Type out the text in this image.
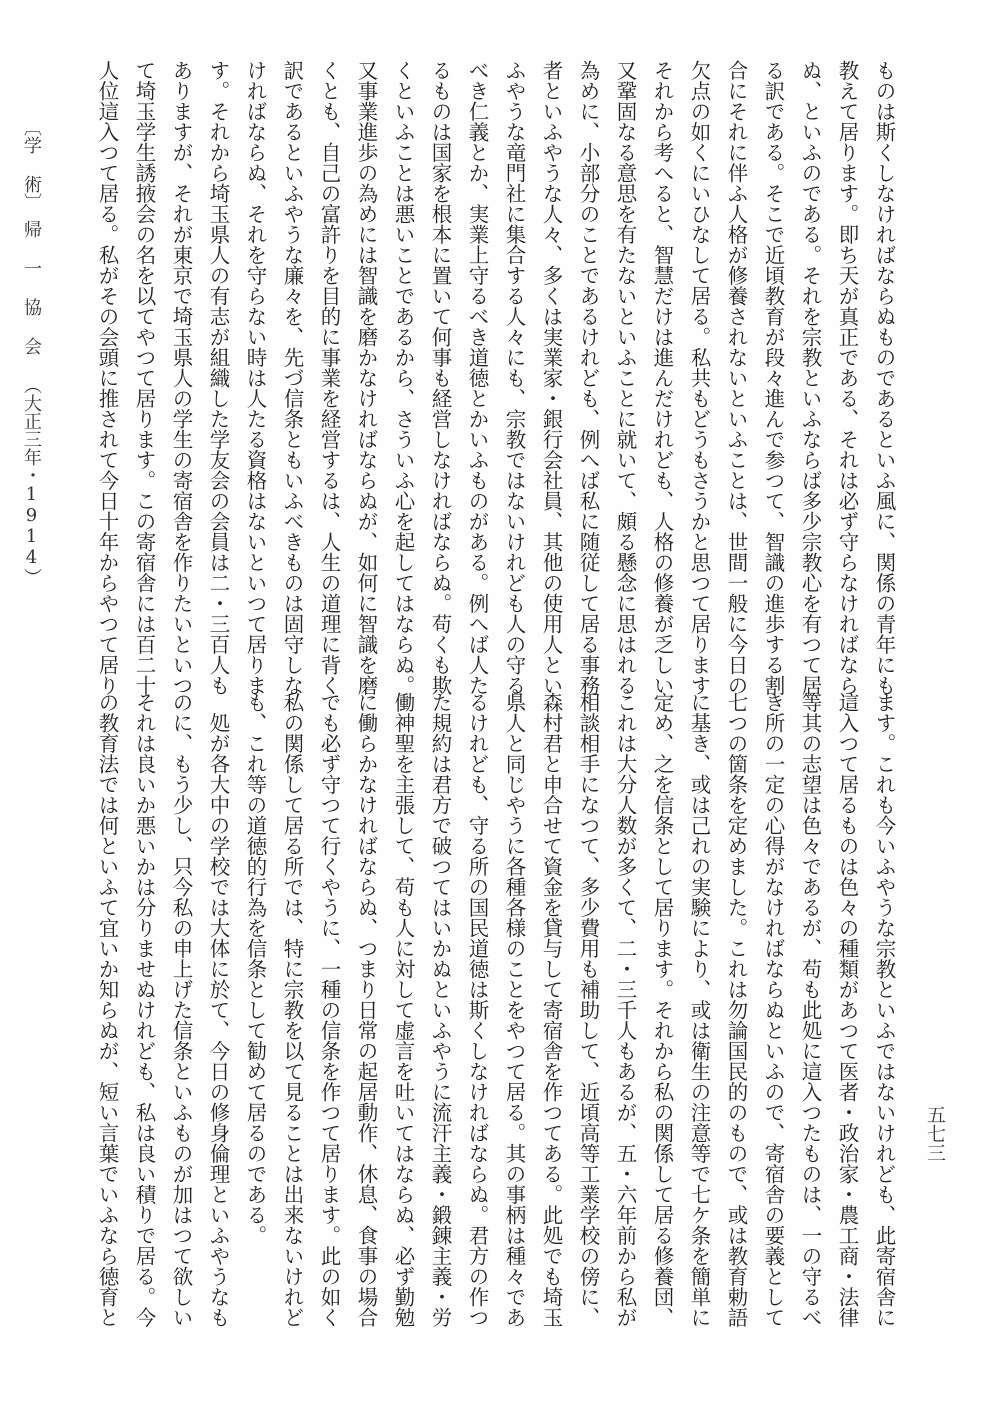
〔学 術〕　帰 一 協 会 （大正三年・1914）
五七三

ものは斯くしなければならぬものであるといふ風に、関係の青年にも

教えて居ります。即ち天が真正である、それは必ず守らなければなら

ぬ、といふのである。それを宗教といふならば多少宗教心を有つて居

る訳である。そこで近頃教育が段々進んで参つて、智識の進歩する割

合にそれに伴ふ人格が修養されないといふことは、世間一般に今日の

欠点の如くにいひなして居る。私共もどうもさうかと思つて居ります

それから考へると、智慧だけは進んだけれども、人格の修養が乏しい

又鞏固なる意思を有たないといふことに就いて、頗る懸念に思はれる

為めに、小部分のことであるけれども、例へば私に随従して居る事務

者といふやうな人々、多くは実業家・銀行会社員、其他の使用人とい

ふやうな竜門社に集合する人々にも、宗教ではないけれども人の守る

べき仁義とか、実業上守るべき道徳とかいふものがある。例へば人た

るものは国家を根本に置いて何事も経営しなければならぬ。苟くも欺

くといふことは悪いことであるから、さういふ心を起してはならぬ。

又事業進歩の為めには智識を磨かなければならぬが、如何に智識を磨

くとも、自己の富許りを目的に事業を経営するは、人生の道理に背く

訳であるといふやうな廉々を、先づ信条ともいふべきものは固守しな

ければならぬ、それを守らない時は人たる資格はないといつて居りま

す。それから埼玉県人の有志が組織した学友会の会員は二・三百人も

ありますが、それが東京で埼玉県人の学生の寄宿舎を作りたいといつ

て埼玉学生誘掖会の名を以てやつて居ります。この寄宿舎には百二十

人位這入つて居る。私がその会頭に推されて今日十年からやつて居り

ます。これも今いふやうな宗教といふではないけれども、此寄宿舎に

這入つて居るものは色々の種類があつて医者・政治家・農工商・法律

等其の志望は色々であるが、苟も此処に這入つたものは、一の守るべ

き所の一定の心得がなければならぬといふので、寄宿舎の要義として

七つの箇条を定めました。これは勿論国民的のもので、或は教育勅語

に基き、或は己れの実験により、或は衛生の注意等で七ケ条を簡単に

定め、之を信条として居ります。それから私の関係して居る修養団、

これは大分人数が多くて、二・三千人もあるが、五・六年前から私が

相談相手になつて、多少費用も補助して、近頃高等工業学校の傍に、

森村君と申合せて資金を貸与して寄宿舎を作つてある。此処でも埼玉

県人と同じやうに各種各様のことをやつて居る。其の事柄は種々であ

るけれども、守る所の国民道徳は斯くしなければならぬ。君方の作つ

た規約は君方で破つてはいかぬといふやうに流汗主義・鍛錬主義・労

働神聖を主張して、苟も人に対して虚言を吐いてはならぬ、必ず勤勉

に働らかなければならぬ、つまり日常の起居動作、休息、食事の場合

でも必ず守つて行くやうに、一種の信条を作つて居ります。此の如く

私の関係して居る所では、特に宗教を以て見ることは出来ないけれど

も、これ等の道徳的行為を信条として勧めて居るのである。

　処が各大中の学校では大体に於て、今日の修身倫理といふやうなも

のに、もう少し、只今私の申上げた信条といふものが加はつて欲しい

それは良いか悪いかは分りませぬけれども、私は良い積りで居る。今

の教育法では何といふて宜いか知らぬが、短い言葉でいふなら徳育と
